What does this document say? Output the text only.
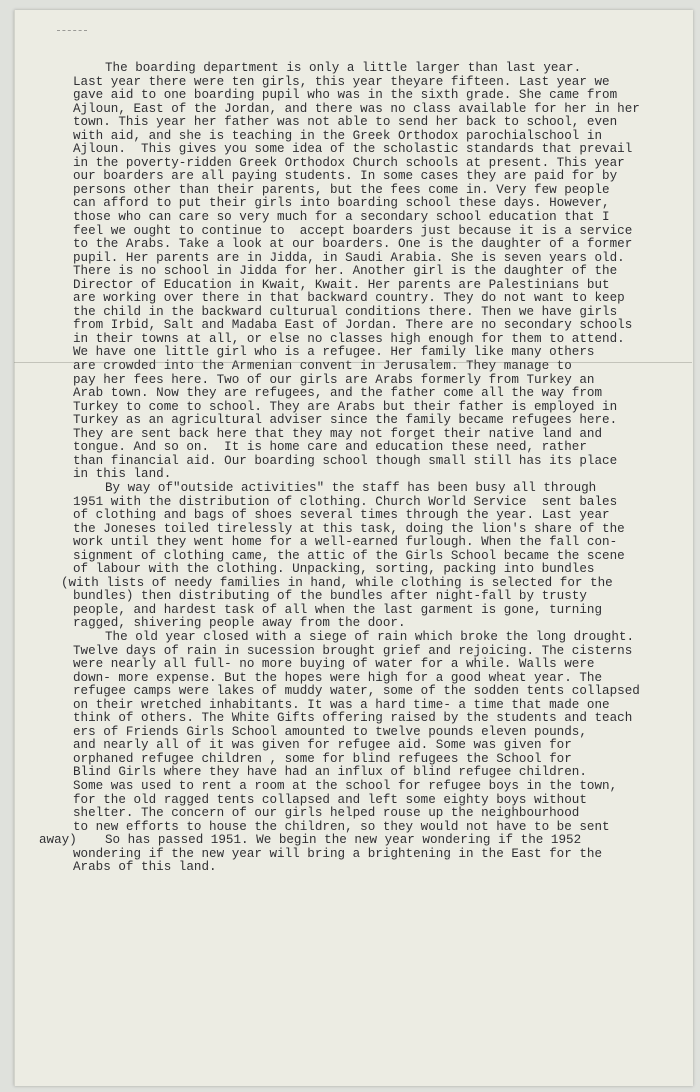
The boarding department is only a little larger than last year.
Last year there were ten girls, this year theyare fifteen. Last year we
gave aid to one boarding pupil who was in the sixth grade. She came from
Ajloun, East of the Jordan, and there was no class available for her in her
town. This year her father was not able to send her back to school, even
with aid, and she is teaching in the Greek Orthodox parochialschool in
Ajloun.  This gives you some idea of the scholastic standards that prevail
in the poverty-ridden Greek Orthodox Church schools at present. This year
our boarders are all paying students. In some cases they are paid for by
persons other than their parents, but the fees come in. Very few people
can afford to put their girls into boarding school these days. However,
those who can care so very much for a secondary school education that I
feel we ought to continue to  accept boarders just because it is a service
to the Arabs. Take a look at our boarders. One is the daughter of a former
pupil. Her parents are in Jidda, in Saudi Arabia. She is seven years old.
There is no school in Jidda for her. Another girl is the daughter of the
Director of Education in Kwait, Kwait. Her parents are Palestinians but
are working over there in that backward country. They do not want to keep
the child in the backward culturual conditions there. Then we have girls
from Irbid, Salt and Madaba East of Jordan. There are no secondary schools
in their towns at all, or else no classes high enough for them to attend.
We have one little girl who is a refugee. Her family like many others
are crowded into the Armenian convent in Jerusalem. They manage to
pay her fees here. Two of our girls are Arabs formerly from Turkey an
Arab town. Now they are refugees, and the father come all the way from
Turkey to come to school. They are Arabs but their father is employed in
Turkey as an agricultural adviser since the family became refugees here.
They are sent back here that they may not forget their native land and
tongue. And so on.  It is home care and education these need, rather
than financial aid. Our boarding school though small still has its place
in this land.
By way of"outside activities" the staff has been busy all through
1951 with the distribution of clothing. Church World Service  sent bales
of clothing and bags of shoes several times through the year. Last year
the Joneses toiled tirelessly at this task, doing the lion's share of the
work until they went home for a well-earned furlough. When the fall con-
signment of clothing came, the attic of the Girls School became the scene
of labour with the clothing. Unpacking, sorting, packing into bundles
(with lists of needy families in hand, while clothing is selected for the
bundles) then distributing of the bundles after night-fall by trusty
people, and hardest task of all when the last garment is gone, turning
ragged, shivering people away from the door.
The old year closed with a siege of rain which broke the long drought.
Twelve days of rain in sucession brought grief and rejoicing. The cisterns
were nearly all full- no more buying of water for a while. Walls were
down- more expense. But the hopes were high for a good wheat year. The
refugee camps were lakes of muddy water, some of the sodden tents collapsed
on their wretched inhabitants. It was a hard time- a time that made one
think of others. The White Gifts offering raised by the students and teach
ers of Friends Girls School amounted to twelve pounds eleven pounds,
and nearly all of it was given for refugee aid. Some was given for
orphaned refugee children , some for blind refugees the School for
Blind Girls where they have had an influx of blind refugee children.
Some was used to rent a room at the school for refugee boys in the town,
for the old ragged tents collapsed and left some eighty boys without
shelter. The concern of our girls helped rouse up the neighbourhood
to new efforts to house the children, so they would not have to be sent
So has passed 1951. We begin the new year wondering if the 1952
away)
wondering if the new year will bring a brightening in the East for the
Arabs of this land.
